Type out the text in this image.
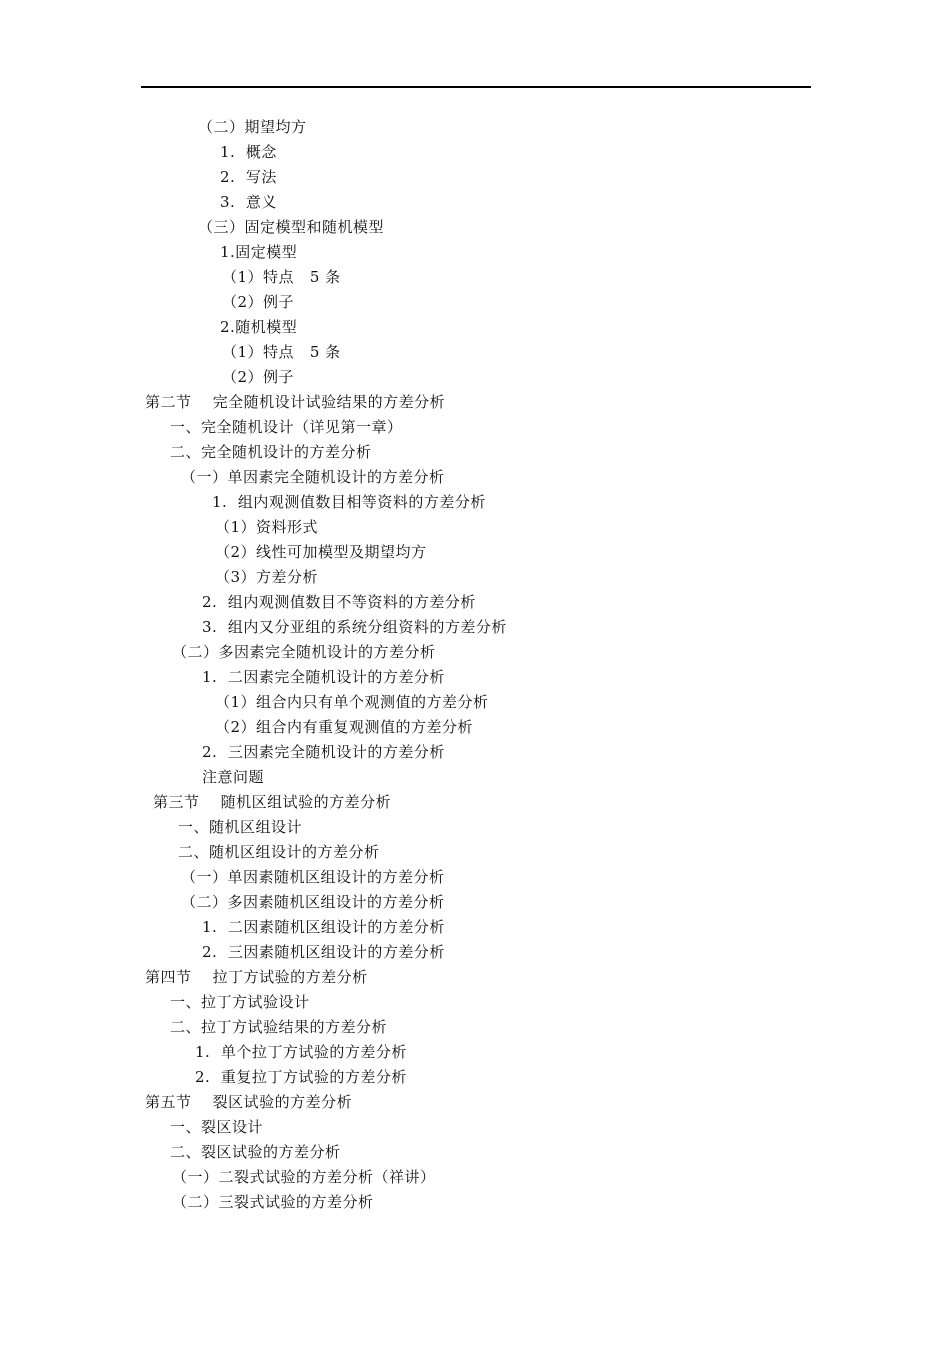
（二）期望均方
1.  概念
2.  写法
3.  意义
（三）固定模型和随机模型
1.固定模型
（1）特点   5 条
（2）例子
2.随机模型
（1）特点   5 条
（2）例子
第二节    完全随机设计试验结果的方差分析
一、完全随机设计（详见第一章）
二、完全随机设计的方差分析
（一）单因素完全随机设计的方差分析
1.  组内观测值数目相等资料的方差分析
（1）资料形式
（2）线性可加模型及期望均方
（3）方差分析
2.  组内观测值数目不等资料的方差分析
3.  组内又分亚组的系统分组资料的方差分析
（二）多因素完全随机设计的方差分析
1.  二因素完全随机设计的方差分析
（1）组合内只有单个观测值的方差分析
（2）组合内有重复观测值的方差分析
2.  三因素完全随机设计的方差分析
注意问题
第三节    随机区组试验的方差分析
一、随机区组设计
二、随机区组设计的方差分析
（一）单因素随机区组设计的方差分析
（二）多因素随机区组设计的方差分析
1.  二因素随机区组设计的方差分析
2.  三因素随机区组设计的方差分析
第四节    拉丁方试验的方差分析
一、拉丁方试验设计
二、拉丁方试验结果的方差分析
1.  单个拉丁方试验的方差分析
2.  重复拉丁方试验的方差分析
第五节    裂区试验的方差分析
一、裂区设计
二、裂区试验的方差分析
（一）二裂式试验的方差分析（祥讲）
（二）三裂式试验的方差分析
